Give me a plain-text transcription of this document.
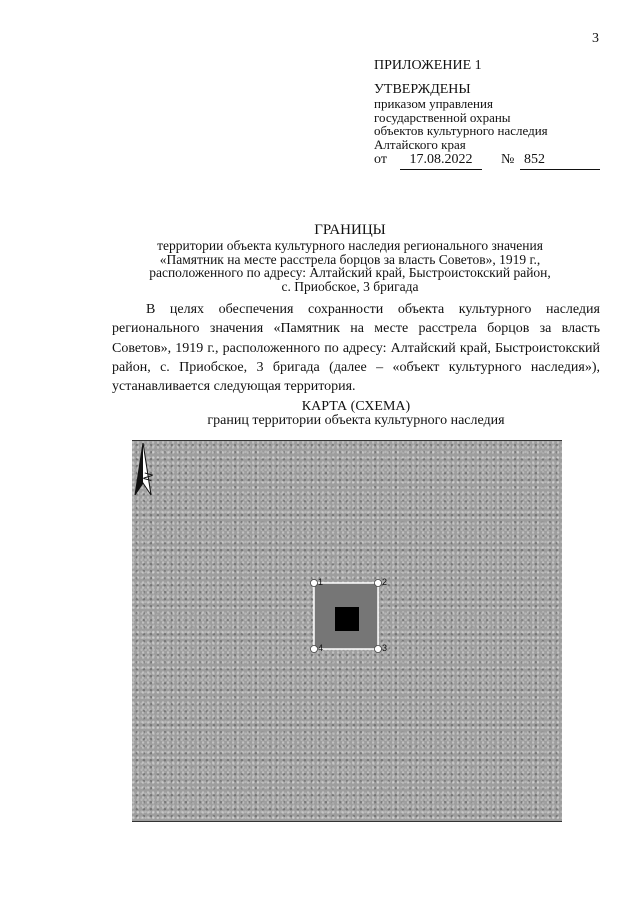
3
ПРИЛОЖЕНИЕ 1
УТВЕРЖДЕНЫ
приказом управления
государственной охраны
объектов культурного наследия
Алтайского края
от	17.08.2022	№ 852
ГРАНИЦЫ
территории объекта культурного наследия регионального значения
«Памятник на месте расстрела борцов за власть Советов», 1919 г.,
расположенного по адресу: Алтайский край, Быстроистокский район,
с. Приобское, 3 бригада
В целях обеспечения сохранности объекта культурного наследия регионального значения «Памятник на месте расстрела борцов за власть Советов», 1919 г., расположенного по адресу: Алтайский край, Быстроистокский район, с. Приобское, 3 бригада (далее – «объект культурного наследия»), устанавливается следующая территория.
КАРТА (СХЕМА)
границ территории объекта культурного наследия
N
1	2
3
4
